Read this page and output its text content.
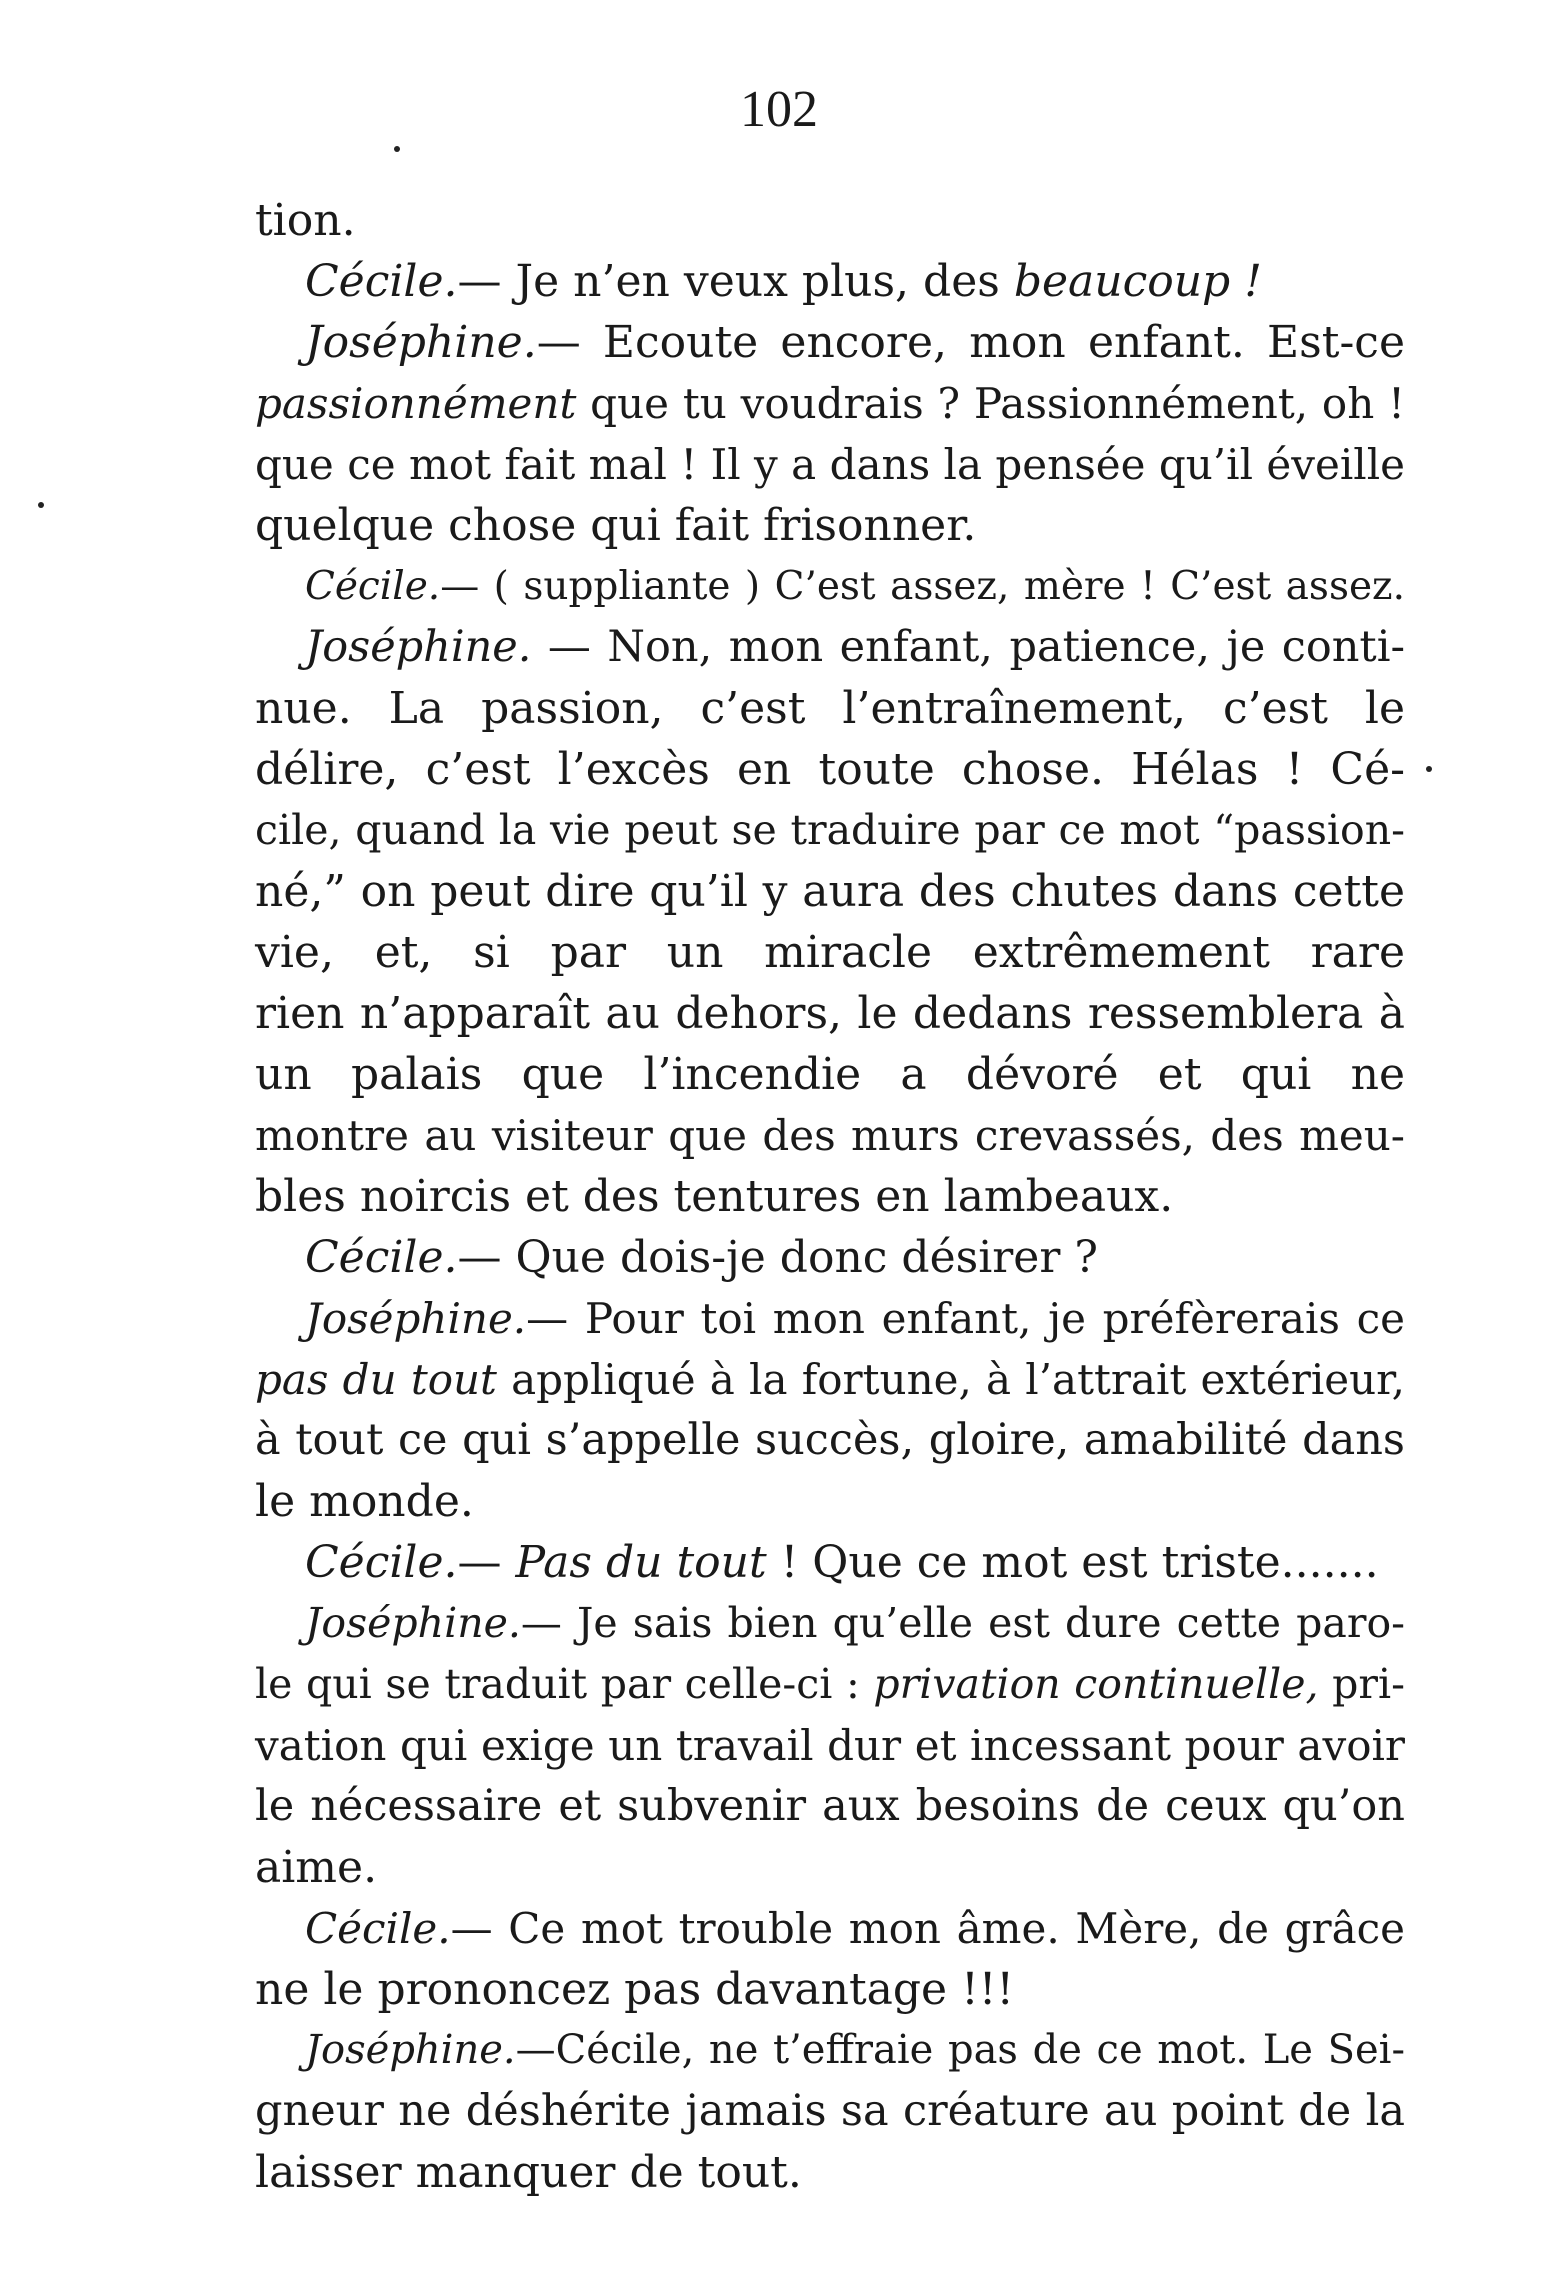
102
tion.
Cécile.— Je n’en veux plus, des beaucoup !
Joséphine.— Ecoute encore, mon enfant. Est-ce
passionnément que tu voudrais ? Passionnément, oh !
que ce mot fait mal ! Il y a dans la pensée qu’il éveille
quelque chose qui fait frisonner.
Cécile.— ( suppliante ) C’est assez, mère ! C’est assez.
Joséphine. — Non, mon enfant, patience, je conti-
nue. La passion, c’est l’entraînement, c’est le
délire, c’est l’excès en toute chose. Hélas ! Cé-
cile, quand la vie peut se traduire par ce mot “passion-
né,” on peut dire qu’il y aura des chutes dans cette
vie, et, si par un miracle extrêmement rare
rien n’apparaît au dehors, le dedans ressemblera à
un palais que l’incendie a dévoré et qui ne
montre au visiteur que des murs crevassés, des meu-
bles noircis et des tentures en lambeaux.
Cécile.— Que dois-je donc désirer ?
Joséphine.— Pour toi mon enfant, je préfèrerais ce
pas du tout appliqué à la fortune, à l’attrait extérieur,
à tout ce qui s’appelle succès, gloire, amabilité dans
le monde.
Cécile.— Pas du tout ! Que ce mot est triste.......
Joséphine.— Je sais bien qu’elle est dure cette paro-
le qui se traduit par celle-ci : privation continuelle, pri-
vation qui exige un travail dur et incessant pour avoir
le nécessaire et subvenir aux besoins de ceux qu’on
aime.
Cécile.— Ce mot trouble mon âme. Mère, de grâce
ne le prononcez pas davantage !!!
Joséphine.—Cécile, ne t’effraie pas de ce mot. Le Sei-
gneur ne déshérite jamais sa créature au point de la
laisser manquer de tout.
